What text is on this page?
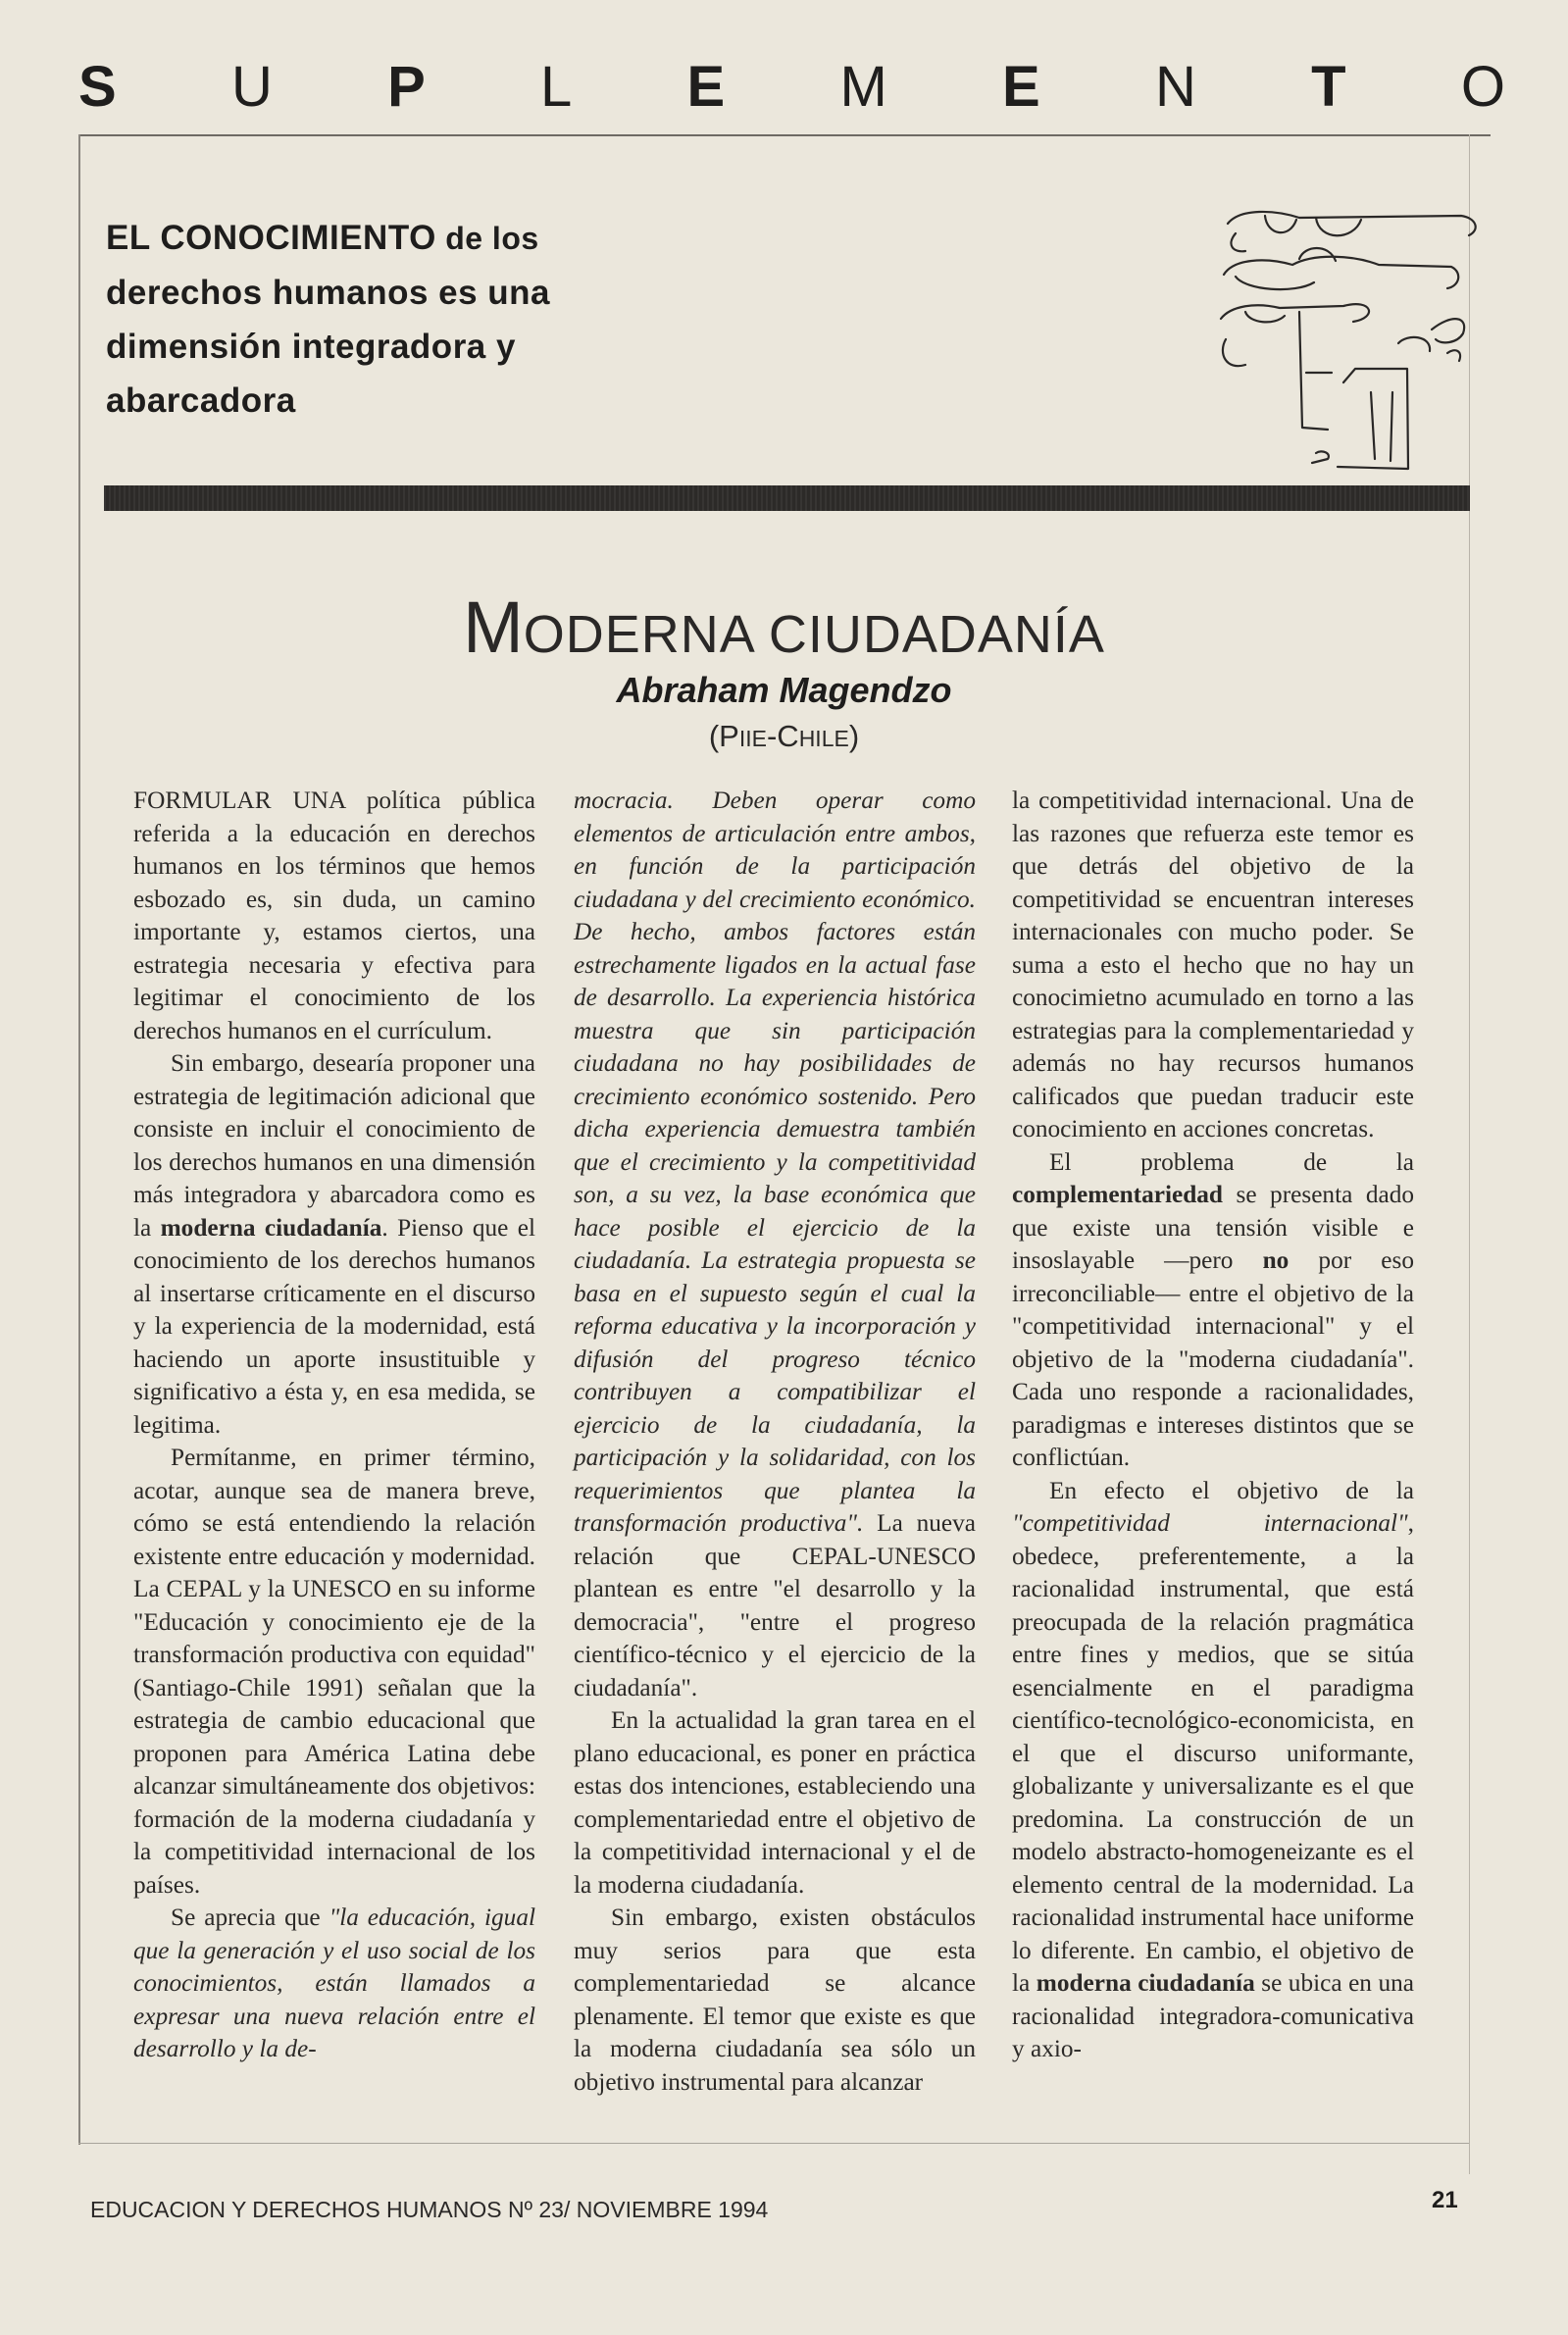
S U P L E M E N T O
EL CONOCIMIENTO de los
derechos humanos es una
dimensión integradora y
abarcadora
MODERNA CIUDADANÍA
Abraham Magendzo
(PIIE-CHILE)

FORMULAR UNA política pública referida a la educación en derechos humanos en los términos que hemos esbozado es, sin duda, un camino importante y, estamos ciertos, una estrategia necesaria y efectiva para legitimar el conocimiento de los derechos humanos en el currículum.

Sin embargo, desearía proponer una estrategia de legitimación adicional que consiste en incluir el conocimiento de los derechos humanos en una dimensión más integradora y abarcadora como es la moderna ciudadanía. Pienso que el conocimiento de los derechos humanos al insertarse críticamente en el discurso y la experiencia de la modernidad, está haciendo un aporte insustituible y significativo a ésta y, en esa medida, se legitima.

Permítanme, en primer término, acotar, aunque sea de manera breve, cómo se está entendiendo la relación existente entre educación y modernidad. La CEPAL y la UNESCO en su informe "Educación y conocimiento eje de la transformación productiva con equidad" (Santiago-Chile 1991) señalan que la estrategia de cambio educacional que proponen para América Latina debe alcanzar simultáneamente dos objetivos: formación de la moderna ciudadanía y la competitividad internacional de los países.

Se aprecia que "la educación, igual que la generación y el uso social de los conocimientos, están llamados a expresar una nueva relación entre el desarrollo y la de-

mocracia. Deben operar como elementos de articulación entre ambos, en función de la participación ciudadana y del crecimiento económico. De hecho, ambos factores están estrechamente ligados en la actual fase de desarrollo. La experiencia histórica muestra que sin participación ciudadana no hay posibilidades de crecimiento económico sostenido. Pero dicha experiencia demuestra también que el crecimiento y la competitividad son, a su vez, la base económica que hace posible el ejercicio de la ciudadanía. La estrategia propuesta se basa en el supuesto según el cual la reforma educativa y la incorporación y difusión del progreso técnico contribuyen a compatibilizar el ejercicio de la ciudadanía, la participación y la solidaridad, con los requerimientos que plantea la transformación productiva". La nueva relación que CEPAL-UNESCO plantean es entre "el desarrollo y la democracia", "entre el progreso científico-técnico y el ejercicio de la ciudadanía".

En la actualidad la gran tarea en el plano educacional, es poner en práctica estas dos intenciones, estableciendo una complementariedad entre el objetivo de la competitividad internacional y el de la moderna ciudadanía.

Sin embargo, existen obstáculos muy serios para que esta complementariedad se alcance plenamente. El temor que existe es que la moderna ciudadanía sea sólo un objetivo instrumental para alcanzar

la competitividad internacional. Una de las razones que refuerza este temor es que detrás del objetivo de la competitividad se encuentran intereses internacionales con mucho poder. Se suma a esto el hecho que no hay un conocimietno acumulado en torno a las estrategias para la complementariedad y además no hay recursos humanos calificados que puedan traducir este conocimiento en acciones concretas.

El problema de la complementariedad se presenta dado que existe una tensión visible e insoslayable —pero no por eso irreconciliable— entre el objetivo de la "competitividad internacional" y el objetivo de la "moderna ciudadanía". Cada uno responde a racionalidades, paradigmas e intereses distintos que se conflictúan.

En efecto el objetivo de la "competitividad internacional", obedece, preferentemente, a la racionalidad instrumental, que está preocupada de la relación pragmática entre fines y medios, que se sitúa esencialmente en el paradigma científico-tecnológico-economicista, en el que el discurso uniformante, globalizante y universalizante es el que predomina. La construcción de un modelo abstracto-homogeneizante es el elemento central de la modernidad. La racionalidad instrumental hace uniforme lo diferente. En cambio, el objetivo de la moderna ciudadanía se ubica en una racionalidad integradora-comunicativa y axio-

EDUCACION Y DERECHOS HUMANOS Nº 23/ NOVIEMBRE 1994	21
